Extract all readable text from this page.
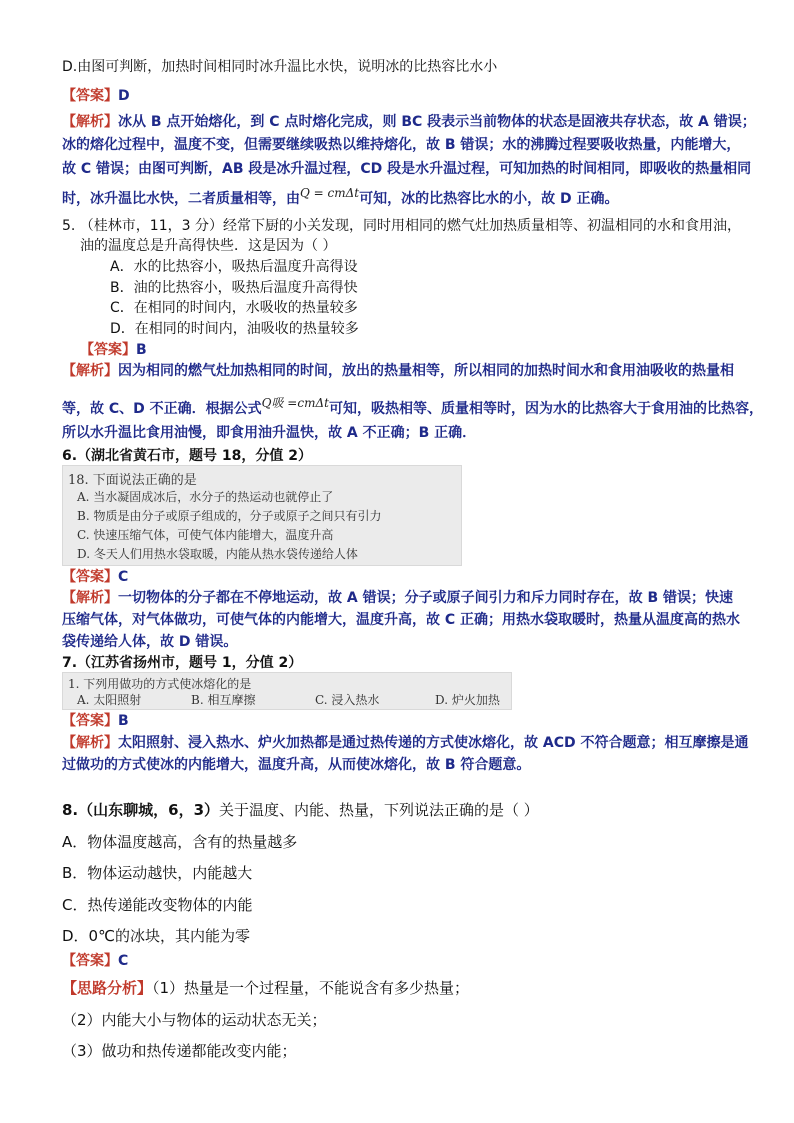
D.由图可判断，加热时间相同时冰升温比水快，说明冰的比热容比水小
【答案】D
【解析】冰从 B 点开始熔化，到 C 点时熔化完成，则 BC 段表示当前物体的状态是固液共存状态，故 A 错误；
冰的熔化过程中，温度不变，但需要继续吸热以维持熔化，故 B 错误；水的沸腾过程要吸收热量，内能增大，
故 C 错误；由图可判断，AB 段是冰升温过程，CD 段是水升温过程，可知加热的时间相同，即吸收的热量相同
时，冰升温比水快，二者质量相等，由Q = cmΔt可知，冰的比热容比水的小，故 D 正确。
5. （桂林市，11，3 分）经常下厨的小关发现，同时用相同的燃气灶加热质量相等、初温相同的水和食用油，
油的温度总是升高得快些．这是因为（ ）
A．水的比热容小，吸热后温度升高得设
B．油的比热容小，吸热后温度升高得快
C．在相同的时间内，水吸收的热量较多
D．在相同的时间内，油吸收的热量较多
【答案】B
【解析】因为相同的燃气灶加热相同的时间，放出的热量相等，所以相同的加热时间水和食用油吸收的热量相
等，故 C、D 不正确．根据公式Q吸 =cmΔt可知，吸热相等、质量相等时，因为水的比热容大于食用油的比热容，
所以水升温比食用油慢，即食用油升温快，故 A 不正确；B 正确．
6.（湖北省黄石市，题号 18，分值 2）
18. 下面说法正确的是
A. 当水凝固成冰后，水分子的热运动也就停止了
B. 物质是由分子或原子组成的，分子或原子之间只有引力
C. 快速压缩气体，可使气体内能增大，温度升高
D. 冬天人们用热水袋取暖，内能从热水袋传递给人体
【答案】C
【解析】一切物体的分子都在不停地运动，故 A 错误；分子或原子间引力和斥力同时存在，故 B 错误；快速
压缩气体，对气体做功，可使气体的内能增大，温度升高，故 C 正确；用热水袋取暖时，热量从温度高的热水
袋传递给人体，故 D 错误。
7.（江苏省扬州市，题号 1，分值 2）
1. 下列用做功的方式使冰熔化的是
A. 太阳照射	B. 相互摩擦	C. 浸入热水	D. 炉火加热
【答案】B
【解析】太阳照射、浸入热水、炉火加热都是通过热传递的方式使冰熔化，故 ACD 不符合题意；相互摩擦是通
过做功的方式使冰的内能增大，温度升高，从而使冰熔化，故 B 符合题意。
8.（山东聊城，6，3）关于温度、内能、热量，下列说法正确的是（ ）
A．物体温度越高，含有的热量越多
B．物体运动越快，内能越大
C．热传递能改变物体的内能
D．0℃的冰块，其内能为零
【答案】C
【思路分析】（1）热量是一个过程量，不能说含有多少热量；
（2）内能大小与物体的运动状态无关；
（3）做功和热传递都能改变内能；
